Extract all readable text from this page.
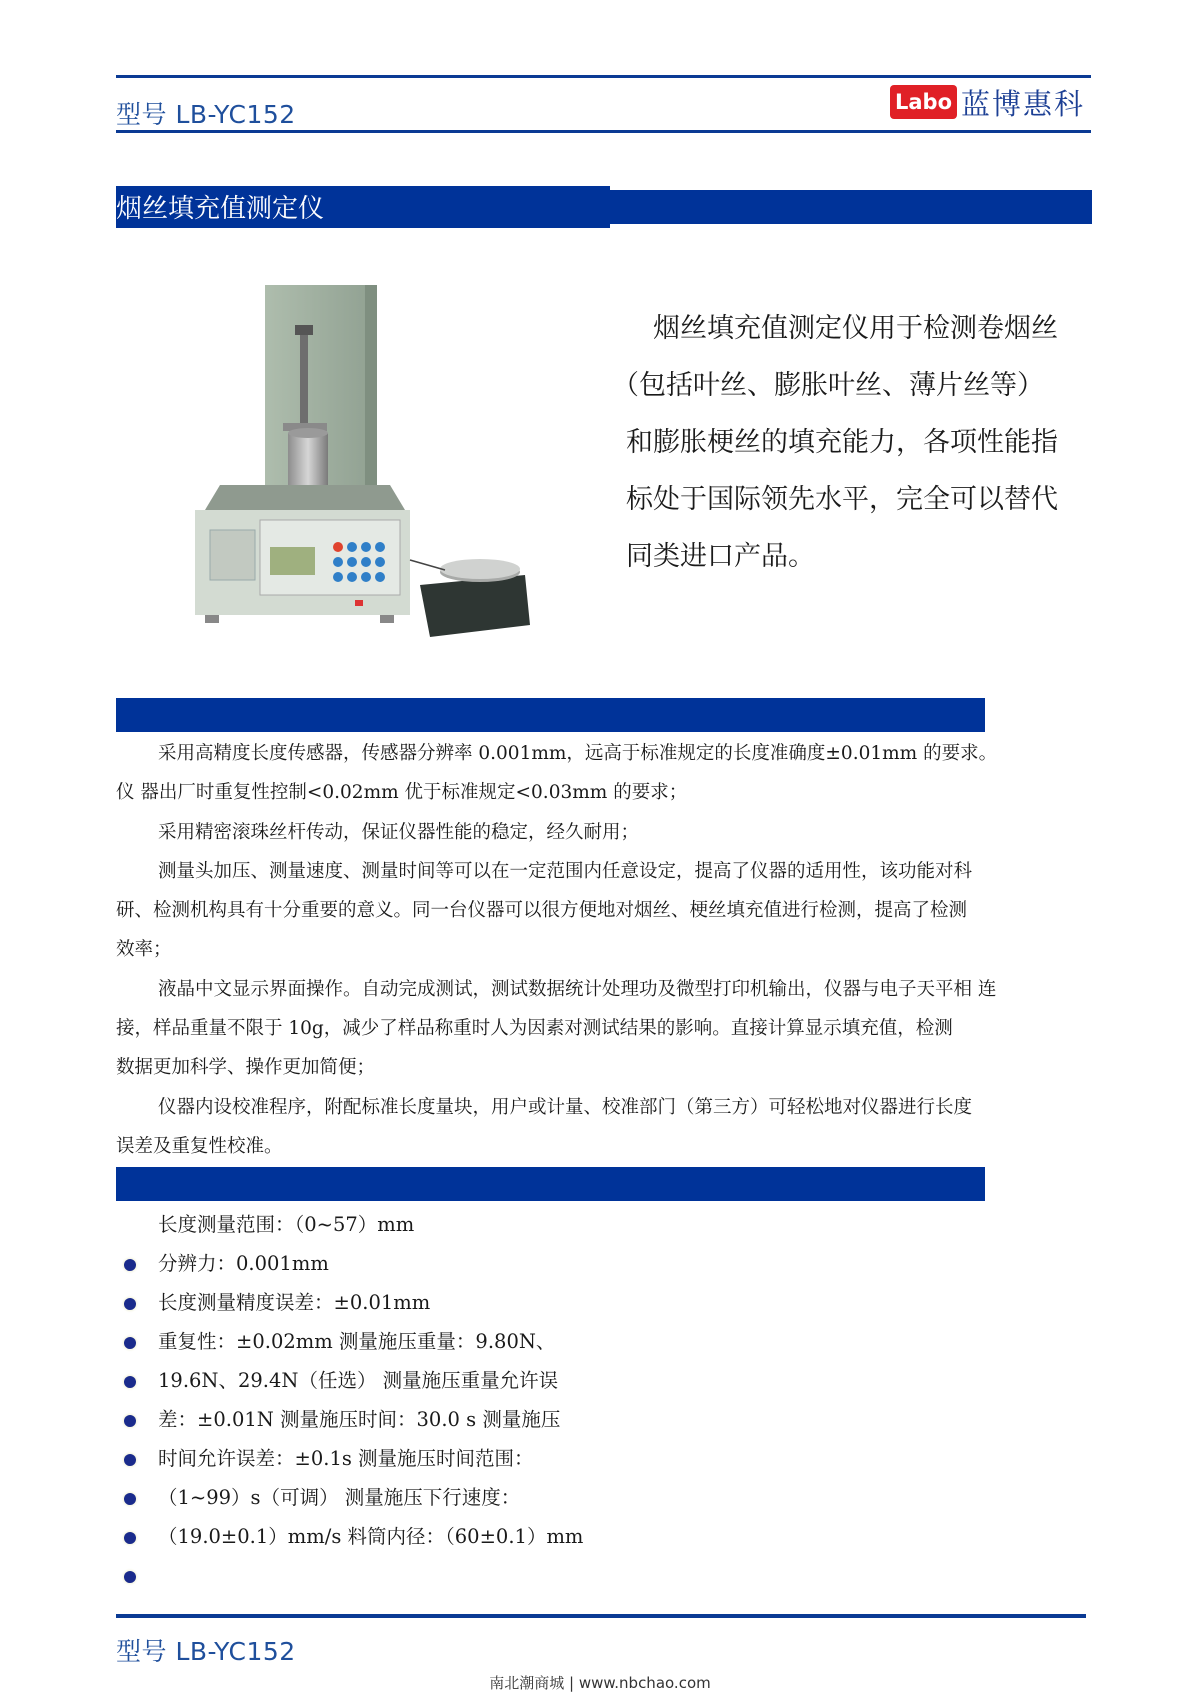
型号 LB-YC152	Labo 蓝博惠科
烟丝填充值测定仪

烟丝填充值测定仪用于检测卷烟丝

（包括叶丝、膨胀叶丝、薄片丝等）

和膨胀梗丝的填充能力，各项性能指

标处于国际领先水平，完全可以替代

同类进口产品。

采用高精度长度传感器，传感器分辨率 0.001mm，远高于标准规定的长度准确度±0.01mm 的要求。

仪 器出厂时重复性控制<0.02mm 优于标准规定<0.03mm 的要求；

采用精密滚珠丝杆传动，保证仪器性能的稳定，经久耐用；

测量头加压、测量速度、测量时间等可以在一定范围内任意设定，提高了仪器的适用性，该功能对科

研、检测机构具有十分重要的意义。同一台仪器可以很方便地对烟丝、梗丝填充值进行检测，提高了检测

效率；

液晶中文显示界面操作。自动完成测试，测试数据统计处理功及微型打印机输出，仪器与电子天平相 连

接，样品重量不限于 10g，减少了样品称重时人为因素对测试结果的影响。直接计算显示填充值，检测

数据更加科学、操作更加简便；

仪器内设校准程序，附配标准长度量块，用户或计量、校准部门（第三方）可轻松地对仪器进行长度

误差及重复性校准。

长度测量范围：（0~57）mm
分辨力：0.001mm
长度测量精度误差：±0.01mm
重复性：±0.02mm 测量施压重量：9.80N、
19.6N、29.4N（任选） 测量施压重量允许误
差：±0.01N 测量施压时间：30.0 s 测量施压
时间允许误差：±0.1s 测量施压时间范围：
（1~99）s（可调） 测量施压下行速度：
（19.0±0.1）mm/s 料筒内径：（60±0.1）mm
型号 LB-YC152
南北潮商城 | www.nbchao.com
